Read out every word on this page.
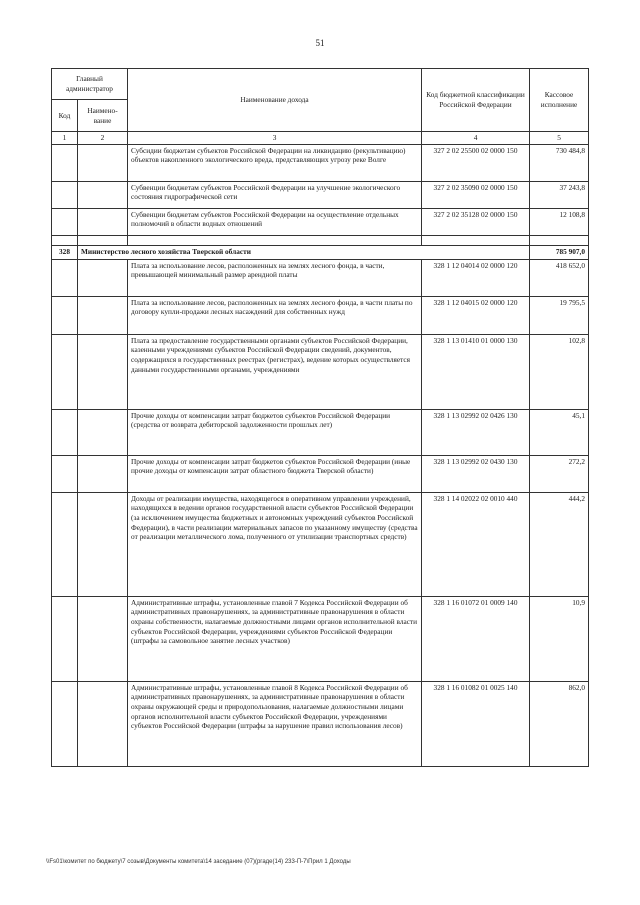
51
Главный администратор		Наименование дохода	Код бюджетной классификации Российской Федерации	Кассовое исполнение
Код	Наимено-вание			
1	2	3	4	5
		Субсидии бюджетам субъектов Российской Федерации на ликвидацию (рекультивацию) объектов накопленного экологического вреда, представляющих угрозу реке Волге	327 2 02 25500 02 0000 150	730 484,8
		Субвенции бюджетам субъектов Российской Федерации на улучшение экологического состояния гидрографической сети	327 2 02 35090 02 0000 150	37 243,8
		Субвенции бюджетам субъектов Российской Федерации на осуществление отдельных полномочий в области водных отношений	327 2 02 35128 02 0000 150	12 108,8

328	Министерство лесного хозяйства Тверской области			785 907,0
		Плата за использование лесов, расположенных на землях лесного фонда, в части, превышающей минимальный размер арендной платы	328 1 12 04014 02 0000 120	418 652,0
		Плата за использование лесов, расположенных на землях лесного фонда, в части платы по договору купли-продажи лесных насаждений для собственных нужд	328 1 12 04015 02 0000 120	19 795,5
		Плата за предоставление государственными органами субъектов Российской Федерации, казенными учреждениями субъектов Российской Федерации сведений, документов, содержащихся в государственных реестрах (регистрах), ведение которых осуществляется данными государственными органами, учреждениями	328 1 13 01410 01 0000 130	102,8
		Прочие доходы от компенсации затрат бюджетов субъектов Российской Федерации (средства от возврата дебиторской задолженности прошлых лет)	328 1 13 02992 02 0426 130	45,1
		Прочие доходы от компенсации затрат бюджетов субъектов Российской Федерации (иные прочие доходы от компенсации затрат областного бюджета Тверской области)	328 1 13 02992 02 0430 130	272,2
		Доходы от реализации имущества, находящегося в оперативном управлении учреждений, находящихся в ведении органов государственной власти субъектов Российской Федерации (за исключением имущества бюджетных и автономных учреждений субъектов Российской Федерации), в части реализации материальных запасов по указанному имуществу (средства от реализации металлического лома, полученного от утилизации транспортных средств)	328 1 14 02022 02 0010 440	444,2
		Административные штрафы, установленные главой 7 Кодекса Российской Федерации об административных правонарушениях, за административные правонарушения в области охраны собственности, налагаемые должностными лицами органов исполнительной власти субъектов Российской Федерации, учреждениями субъектов Российской Федерации (штрафы за самовольное занятие лесных участков)	328 1 16 01072 01 0009 140	10,9
		Административные штрафы, установленные главой 8 Кодекса Российской Федерации об административных правонарушениях, за административные правонарушения в области охраны окружающей среды и природопользования, налагаемые должностными лицами органов исполнительной власти субъектов Российской Федерации, учреждениями субъектов Российской Федерации (штрафы за нарушение правил использования лесов)	328 1 16 01082 01 0025 140	862,0
\\Fs01\комитет по бюджету\7 созыв\Документы комитета\14 заседание (07)(ргаде(14) 233-П-7\Прил 1 Доходы
